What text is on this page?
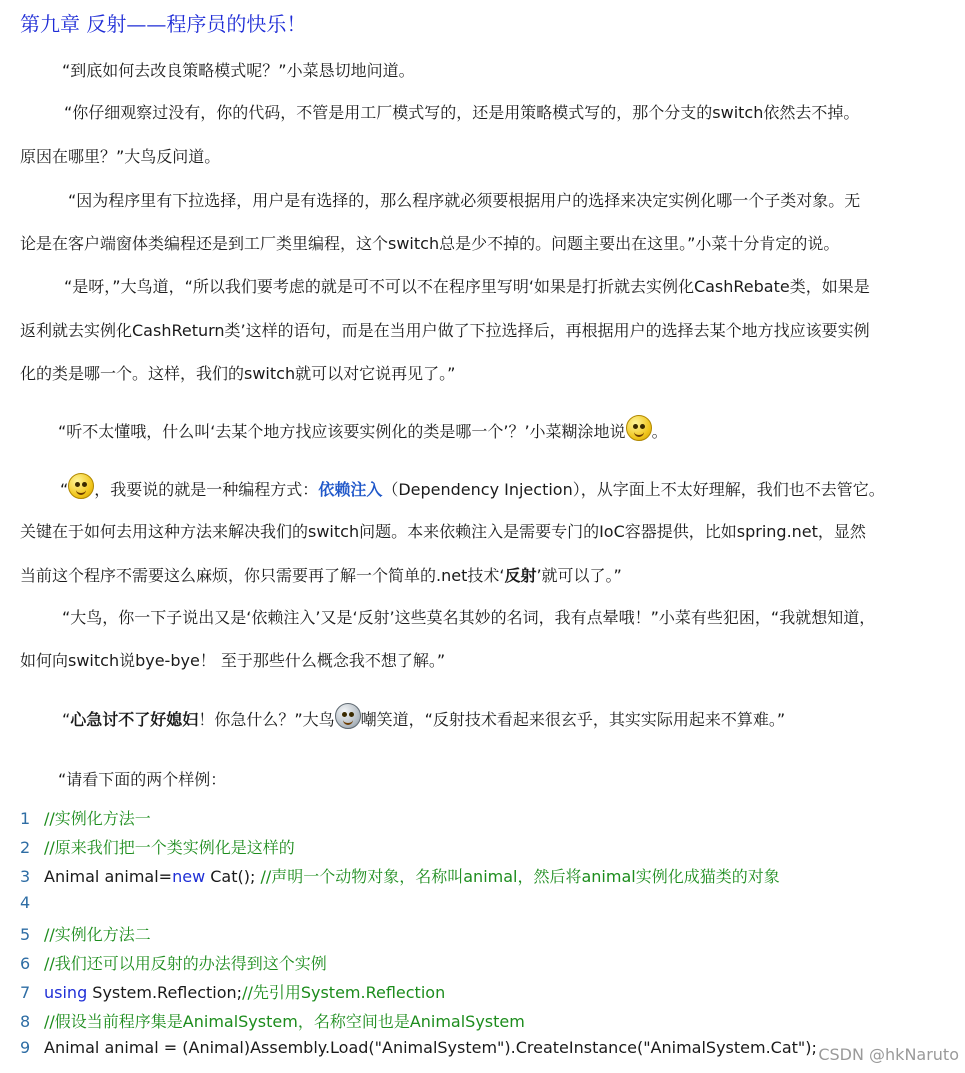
第九章 反射——程序员的快乐！
“到底如何去改良策略模式呢？”小菜恳切地问道。
“你仔细观察过没有，你的代码，不管是用工厂模式写的，还是用策略模式写的，那个分支的switch依然去不掉。
原因在哪里？”大鸟反问道。
“因为程序里有下拉选择，用户是有选择的，那么程序就必须要根据用户的选择来决定实例化哪一个子类对象。无
论是在客户端窗体类编程还是到工厂类里编程，这个switch总是少不掉的。问题主要出在这里。”小菜十分肯定的说。
“是呀，”大鸟道，“所以我们要考虑的就是可不可以不在程序里写明‘如果是打折就去实例化CashRebate类，如果是
返利就去实例化CashReturn类’这样的语句，而是在当用户做了下拉选择后，再根据用户的选择去某个地方找应该要实例
化的类是哪一个。这样，我们的switch就可以对它说再见了。”
“听不太懂哦，什么叫‘去某个地方找应该要实例化的类是哪一个’？’小菜糊涂地说 。
“ ，我要说的就是一种编程方式：依赖注入（Dependency Injection），从字面上不太好理解，我们也不去管它。
关键在于如何去用这种方法来解决我们的switch问题。本来依赖注入是需要专门的IoC容器提供，比如spring.net，显然
当前这个程序不需要这么麻烦，你只需要再了解一个简单的.net技术‘反射’就可以了。”
“大鸟，你一下子说出又是‘依赖注入’又是‘反射’这些莫名其妙的名词，我有点晕哦！”小菜有些犯困，“我就想知道，
如何向switch说bye-bye！ 至于那些什么概念我不想了解。”
“心急讨不了好媳妇！你急什么？”大鸟 嘲笑道，“反射技术看起来很玄乎，其实实际用起来不算难。”
“请看下面的两个样例：
1 //实例化方法一
2 //原来我们把一个类实例化是这样的
3 Animal animal=new Cat(); //声明一个动物对象，名称叫animal，然后将animal实例化成猫类的对象
4
5 //实例化方法二
6 //我们还可以用反射的办法得到这个实例
7 using System.Reflection;//先引用System.Reflection
8 //假设当前程序集是AnimalSystem，名称空间也是AnimalSystem
9 Animal animal = (Animal)Assembly.Load("AnimalSystem").CreateInstance("AnimalSystem.Cat"); CSDN @hkNaruto
